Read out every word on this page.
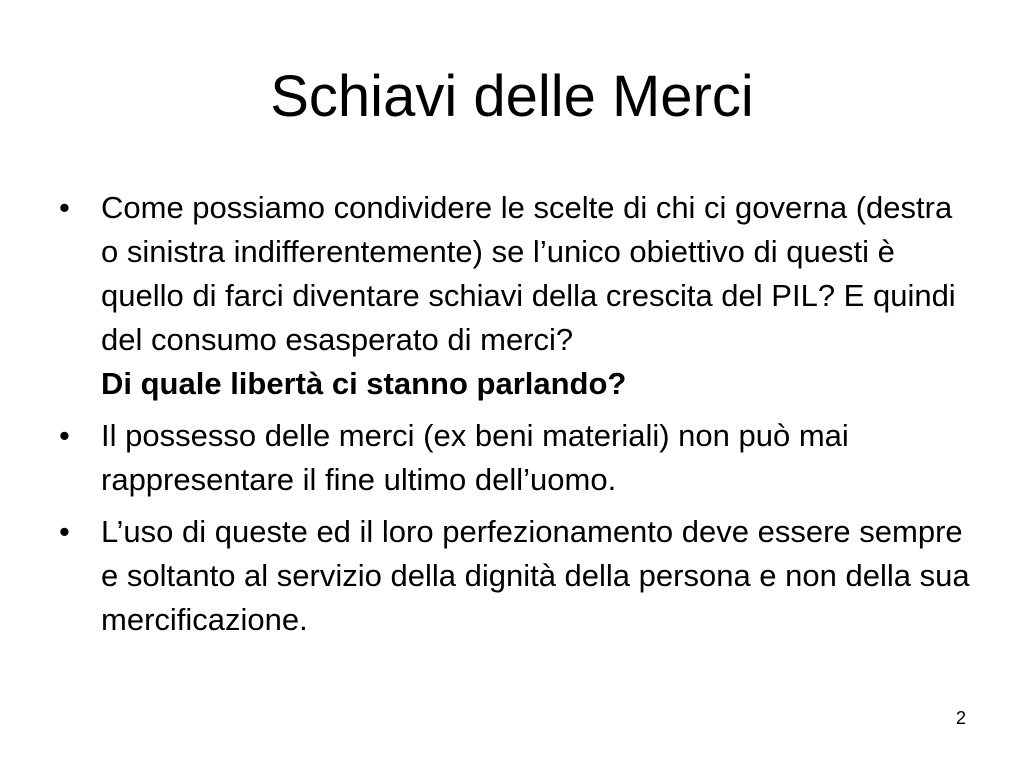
Schiavi delle Merci
• Come possiamo condividere le scelte di chi ci governa (destra o sinistra indifferentemente) se l’unico obiettivo di questi è quello di farci diventare schiavi della crescita del PIL? E quindi del consumo esasperato di merci?
Di quale libertà ci stanno parlando?
• Il possesso delle merci (ex beni materiali) non può mai rappresentare il fine ultimo dell’uomo.
• L’uso di queste ed il loro perfezionamento deve essere sempre e soltanto al servizio della dignità della persona e non della sua mercificazione.
2
